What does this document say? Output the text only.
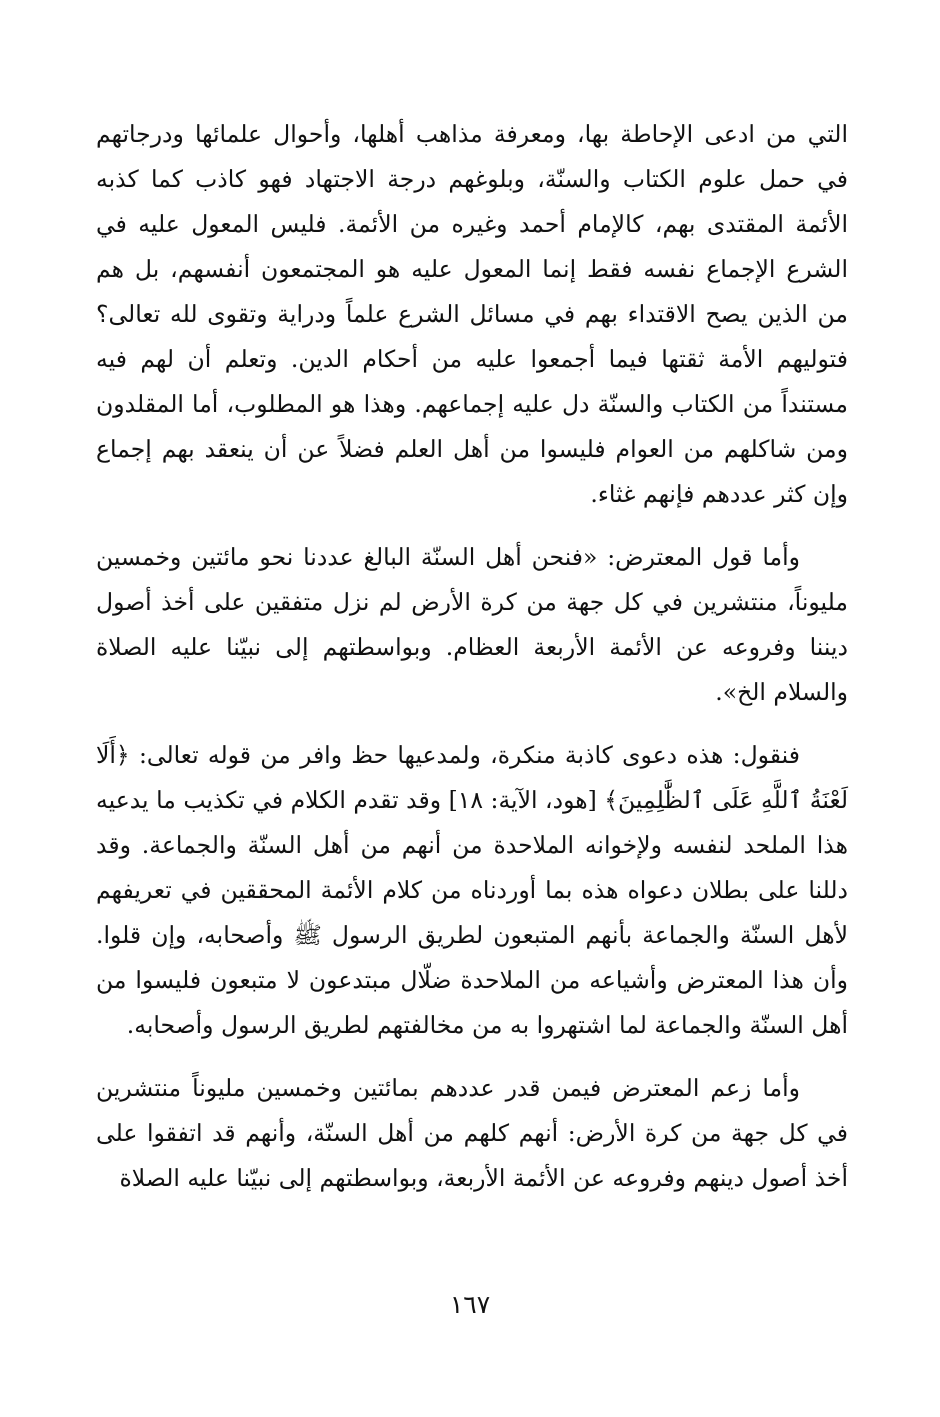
التي من ادعى الإحاطة بها، ومعرفة مذاهب أهلها، وأحوال علمائها ودرجاتهم في حمل علوم الكتاب والسنّة، وبلوغهم درجة الاجتهاد فهو كاذب كما كذبه الأئمة المقتدى بهم، كالإمام أحمد وغيره من الأئمة. فليس المعول عليه في الشرع الإجماع نفسه فقط إنما المعول عليه هو المجتمعون أنفسهم، بل هم من الذين يصح الاقتداء بهم في مسائل الشرع علماً ودراية وتقوى لله تعالى؟ فتوليهم الأمة ثقتها فيما أجمعوا عليه من أحكام الدين. وتعلم أن لهم فيه مستنداً من الكتاب والسنّة دل عليه إجماعهم. وهذا هو المطلوب، أما المقلدون ومن شاكلهم من العوام فليسوا من أهل العلم فضلاً عن أن ينعقد بهم إجماع وإن كثر عددهم فإنهم غثاء.

وأما قول المعترض: «فنحن أهل السنّة البالغ عددنا نحو مائتين وخمسين مليوناً، منتشرين في كل جهة من كرة الأرض لم نزل متفقين على أخذ أصول ديننا وفروعه عن الأئمة الأربعة العظام. وبواسطتهم إلى نبيّنا عليه الصلاة والسلام الخ».

فنقول: هذه دعوى كاذبة منكرة، ولمدعيها حظ وافر من قوله تعالى: ﴿أَلَا لَعْنَةُ ٱللَّهِ عَلَى ٱلظَّٰلِمِينَ﴾ [هود، الآية: ١٨] وقد تقدم الكلام في تكذيب ما يدعيه هذا الملحد لنفسه ولإخوانه الملاحدة من أنهم من أهل السنّة والجماعة. وقد دللنا على بطلان دعواه هذه بما أوردناه من كلام الأئمة المحققين في تعريفهم لأهل السنّة والجماعة بأنهم المتبعون لطريق الرسول ﷺ وأصحابه، وإن قلوا. وأن هذا المعترض وأشياعه من الملاحدة ضلّال مبتدعون لا متبعون فليسوا من أهل السنّة والجماعة لما اشتهروا به من مخالفتهم لطريق الرسول وأصحابه.

وأما زعم المعترض فيمن قدر عددهم بمائتين وخمسين مليوناً منتشرين في كل جهة من كرة الأرض: أنهم كلهم من أهل السنّة، وأنهم قد اتفقوا على أخذ أصول دينهم وفروعه عن الأئمة الأربعة، وبواسطتهم إلى نبيّنا عليه الصلاة

١٦٧
